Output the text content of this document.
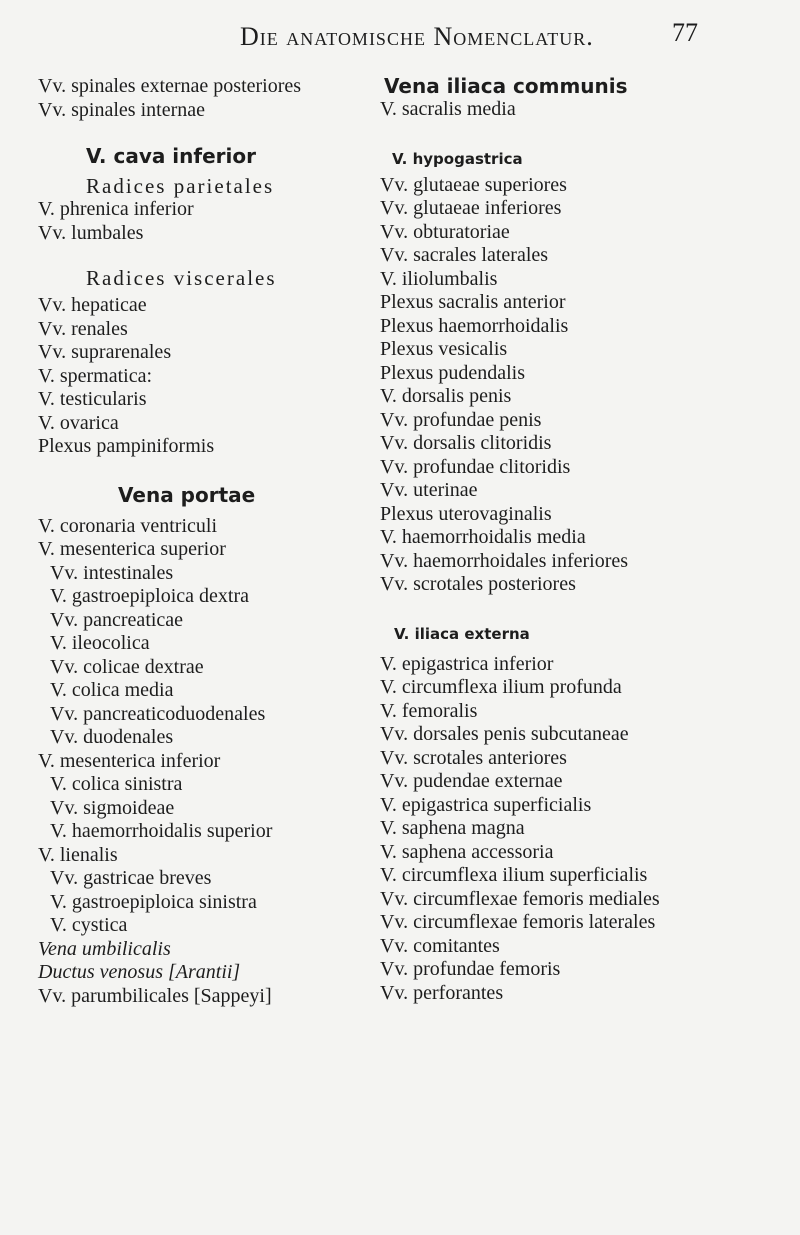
Die anatomische Nomenclatur.	77
Vv. spinales externae posteriores
Vv. spinales internae
V. cava inferior
Radices parietales
V. phrenica inferior
Vv. lumbales
Radices viscerales
Vv. hepaticae
Vv. renales
Vv. suprarenales
V. spermatica:
V. testicularis
V. ovarica
Plexus pampiniformis
Vena portae
V. coronaria ventriculi
V. mesenterica superior
Vv. intestinales
V. gastroepiploica dextra
Vv. pancreaticae
V. ileocolica
Vv. colicae dextrae
V. colica media
Vv. pancreaticoduodenales
Vv. duodenales
V. mesenterica inferior
V. colica sinistra
Vv. sigmoideae
V. haemorrhoidalis superior
V. lienalis
Vv. gastricae breves
V. gastroepiploica sinistra
V. cystica
Vena umbilicalis
Ductus venosus [Arantii]
Vv. parumbilicales [Sappeyi]
Vena iliaca communis
V. sacralis media
V. hypogastrica
Vv. glutaeae superiores
Vv. glutaeae inferiores
Vv. obturatoriae
Vv. sacrales laterales
V. iliolumbalis
Plexus sacralis anterior
Plexus haemorrhoidalis
Plexus vesicalis
Plexus pudendalis
V. dorsalis penis
Vv. profundae penis
Vv. dorsalis clitoridis
Vv. profundae clitoridis
Vv. uterinae
Plexus uterovaginalis
V. haemorrhoidalis media
Vv. haemorrhoidales inferiores
Vv. scrotales posteriores
V. iliaca externa
V. epigastrica inferior
V. circumflexa ilium profunda
V. femoralis
Vv. dorsales penis subcutaneae
Vv. scrotales anteriores
Vv. pudendae externae
V. epigastrica superficialis
V. saphena magna
V. saphena accessoria
V. circumflexa ilium superficialis
Vv. circumflexae femoris mediales
Vv. circumflexae femoris laterales
Vv. comitantes
Vv. profundae femoris
Vv. perforantes
